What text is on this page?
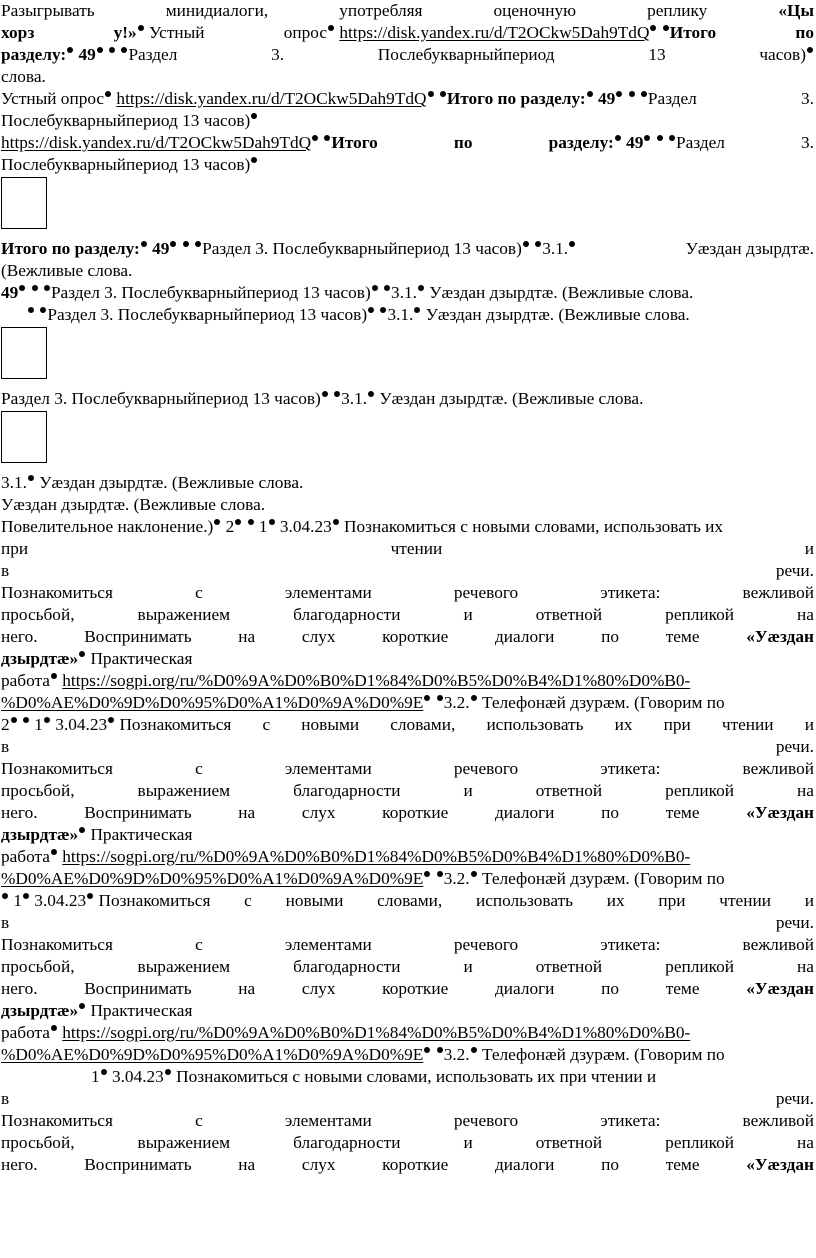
Разыгрывать	минидиалоги,	употребляя	оценочную	реплику	«Цы
хорз	у!» Устный	опрос https://disk.yandex.ru/d/T2OCkw5Dah9TdQ Итого	по
разделу: 49 Раздел	3.	Послебукварныйпериод	13	часов)
слова.
Устный опрос https://disk.yandex.ru/d/T2OCkw5Dah9TdQ Итого по разделу: 49 Раздел	3.
Послебукварныйпериод 13 часов)
https://disk.yandex.ru/d/T2OCkw5Dah9TdQ Итого	по	разделу: 49 Раздел	3.
Послебукварныйпериод 13 часов)
Итого по разделу: 49 Раздел 3. Послебукварныйпериод 13 часов) 3.1.	Уæздан дзырдтæ.
(Вежливые слова.
49 Раздел 3. Послебукварныйпериод 13 часов) 3.1. Уæздан дзырдтæ. (Вежливые слова.
Раздел 3. Послебукварныйпериод 13 часов) 3.1. Уæздан дзырдтæ. (Вежливые слова.
Раздел 3. Послебукварныйпериод 13 часов) 3.1. Уæздан дзырдтæ. (Вежливые слова.
3.1. Уæздан дзырдтæ. (Вежливые слова.
Уæздан дзырдтæ. (Вежливые слова.
Повелительное наклонение.) 2 1 3.04.23 Познакомиться с новыми словами, использовать их
при	чтении	и
в	речи.
Познакомиться	с	элементами	речевого	этикета:	вежливой
просьбой,	выражением	благодарности	и	ответной	репликой	на
него.	Воспринимать	на	слух	короткие	диалоги	по	теме	«Уæздан
дзырдтæ» Практическая
работа https://sogpi.org/ru/%D0%9A%D0%B0%D1%84%D0%B5%D0%B4%D1%80%D0%B0-
%D0%AE%D0%9D%D0%95%D0%A1%D0%9A%D0%9E 3.2. Телефонæй дзурæм. (Говорим по
2 1 3.04.23 Познакомиться с новыми словами, использовать их при чтении и
в	речи.
Познакомиться	с	элементами	речевого	этикета:	вежливой
просьбой,	выражением	благодарности	и	ответной	репликой	на
него.	Воспринимать	на	слух	короткие	диалоги	по	теме	«Уæздан
дзырдтæ» Практическая
работа https://sogpi.org/ru/%D0%9A%D0%B0%D1%84%D0%B5%D0%B4%D1%80%D0%B0-
%D0%AE%D0%9D%D0%95%D0%A1%D0%9A%D0%9E 3.2. Телефонæй дзурæм. (Говорим по
1 3.04.23 Познакомиться с новыми словами, использовать их при чтении и
в	речи.
Познакомиться	с	элементами	речевого	этикета:	вежливой
просьбой,	выражением	благодарности	и	ответной	репликой	на
него.	Воспринимать	на	слух	короткие	диалоги	по	теме	«Уæздан
дзырдтæ» Практическая
работа https://sogpi.org/ru/%D0%9A%D0%B0%D1%84%D0%B5%D0%B4%D1%80%D0%B0-
%D0%AE%D0%9D%D0%95%D0%A1%D0%9A%D0%9E 3.2. Телефонæй дзурæм. (Говорим по
1 3.04.23 Познакомиться с новыми словами, использовать их при чтении и
в	речи.
Познакомиться	с	элементами	речевого	этикета:	вежливой
просьбой,	выражением	благодарности	и	ответной	репликой	на
него.	Воспринимать	на	слух	короткие	диалоги	по	теме	«Уæздан
